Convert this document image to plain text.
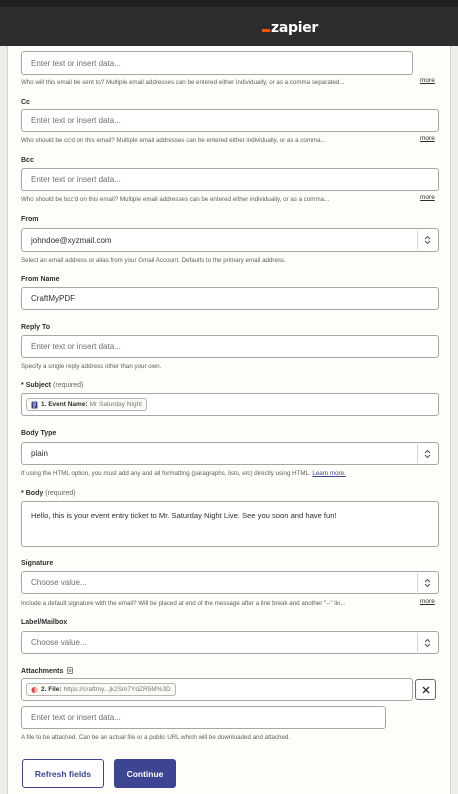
zapier
Enter text or insert data...
Who will this email be sent to? Multiple email addresses can be entered either individually, or as a comma separated...	more
Cc
Enter text or insert data...
Who should be cc'd on this email? Multiple email addresses can be entered either individually, or as a comma...	more
Bcc
Enter text or insert data...
Who should be bcc'd on this email? Multiple email addresses can be entered either individually, or as a comma...	more
From
johndoe@xyzmail.com
Select an email address or alias from your Gmail Account. Defaults to the primary email address.
From Name
CraftMyPDF
Reply To
Enter text or insert data...
Specify a single reply address other than your own.
* Subject (required)
1. Event Name: Mr Saturday Night
Body Type
plain
If using the HTML option, you must add any and all formatting (paragraphs, lists, etc) directly using HTML. Learn more.
* Body (required)
Hello, this is your event entry ticket to Mr. Saturday Night Live. See you soon and have fun!
Signature
Choose value...
Include a default signature with the email? Will be placed at end of the message after a line break and another "--" lin...	more
Label/Mailbox
Choose value...
Attachments
2. File: https://craftmy...jk2Sm7YdZR5M%3D
Enter text or insert data...
A file to be attached. Can be an actual file or a public URL which will be downloaded and attached.
Refresh fields	Continue
